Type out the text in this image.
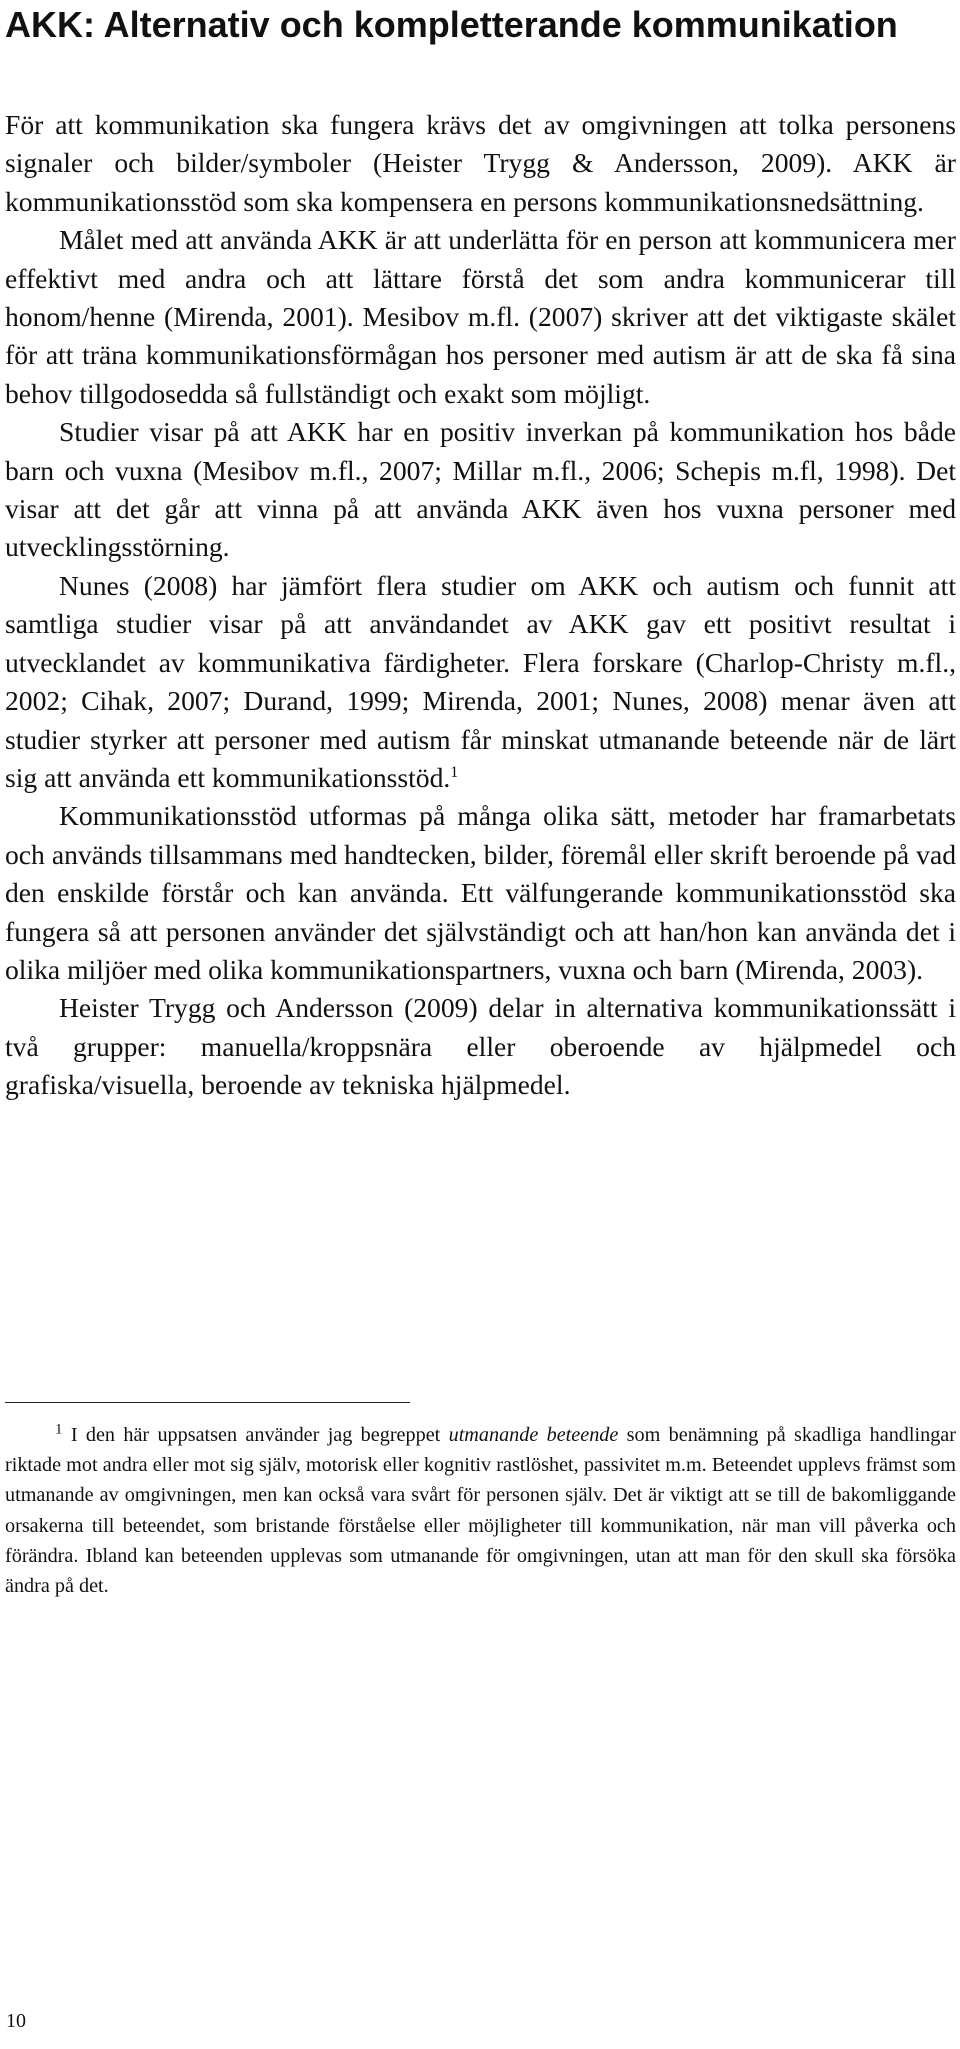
AKK: Alternativ och kompletterande kommunikation

För att kommunikation ska fungera krävs det av omgivningen att tolka personens signaler och bilder/symboler (Heister Trygg & Andersson, 2009). AKK är kommunikationsstöd som ska kompensera en persons kommunikationsnedsättning.

Målet med att använda AKK är att underlätta för en person att kommunicera mer effektivt med andra och att lättare förstå det som andra kommunicerar till honom/henne (Mirenda, 2001). Mesibov m.fl. (2007) skriver att det viktigaste skälet för att träna kommunikationsförmågan hos personer med autism är att de ska få sina behov tillgodosedda så fullständigt och exakt som möjligt.

Studier visar på att AKK har en positiv inverkan på kommunikation hos både barn och vuxna (Mesibov m.fl., 2007; Millar m.fl., 2006; Schepis m.fl, 1998). Det visar att det går att vinna på att använda AKK även hos vuxna personer med utvecklingsstörning.

Nunes (2008) har jämfört flera studier om AKK och autism och funnit att samtliga studier visar på att användandet av AKK gav ett positivt resultat i utvecklandet av kommunikativa färdigheter. Flera forskare (Charlop-Christy m.fl., 2002; Cihak, 2007; Durand, 1999; Mirenda, 2001; Nunes, 2008) menar även att studier styrker att personer med autism får minskat utmanande beteende när de lärt sig att använda ett kommunikationsstöd.$^1$

Kommunikationsstöd utformas på många olika sätt, metoder har framarbetats och används tillsammans med handtecken, bilder, föremål eller skrift beroende på vad den enskilde förstår och kan använda. Ett välfungerande kommunikationsstöd ska fungera så att personen använder det självständigt och att han/hon kan använda det i olika miljöer med olika kommunikationspartners, vuxna och barn (Mirenda, 2003).

Heister Trygg och Andersson (2009) delar in alternativa kommunikationssätt i två grupper: manuella/kroppsnära eller oberoende av hjälpmedel och grafiska/visuella, beroende av tekniska hjälpmedel.

$^1$ I den här uppsatsen använder jag begreppet utmanande beteende som benämning på skadliga handlingar riktade mot andra eller mot sig själv, motorisk eller kognitiv rastlöshet, passivitet m.m. Beteendet upplevs främst som utmanande av omgivningen, men kan också vara svårt för personen själv. Det är viktigt att se till de bakomliggande orsakerna till beteendet, som bristande förståelse eller möjligheter till kommunikation, när man vill påverka och förändra. Ibland kan beteenden upplevas som utmanande för omgivningen, utan att man för den skull ska försöka ändra på det.

10
